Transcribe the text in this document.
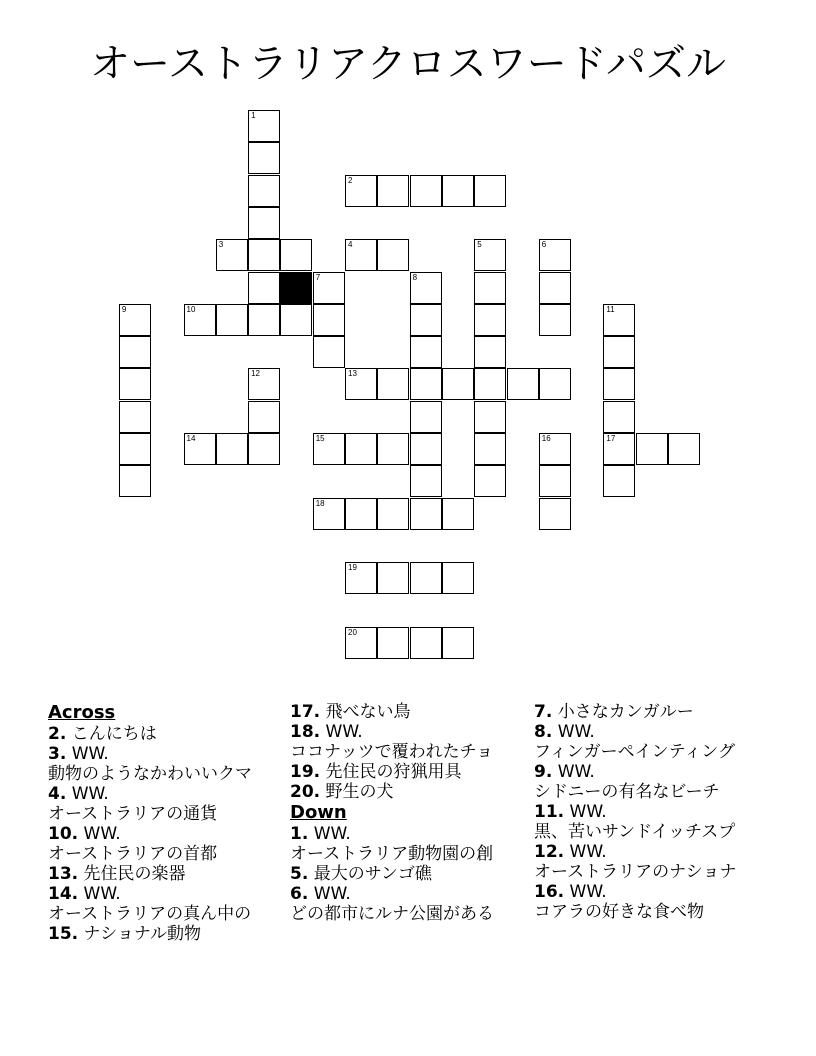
オーストラリアクロスワードパズル
1
2
3	4	5	6
7	8
9	10	11
12	13
14	15	16	17
18
19
20
Across
2. こんにちは
3. WW.
動物のようなかわいいクマ
4. WW.
オーストラリアの通貨
10. WW.
オーストラリアの首都
13. 先住民の楽器
14. WW.
オーストラリアの真ん中の
15. ナショナル動物
17. 飛べない鳥
18. WW.
ココナッツで覆われたチョ
19. 先住民の狩猟用具
20. 野生の犬
Down
1. WW.
オーストラリア動物園の創
5. 最大のサンゴ礁
6. WW.
どの都市にルナ公園がある
7. 小さなカンガルー
8. WW.
フィンガーペインティング
9. WW.
シドニーの有名なビーチ
11. WW.
黒、苦いサンドイッチスプ
12. WW.
オーストラリアのナショナ
16. WW.
コアラの好きな食べ物
